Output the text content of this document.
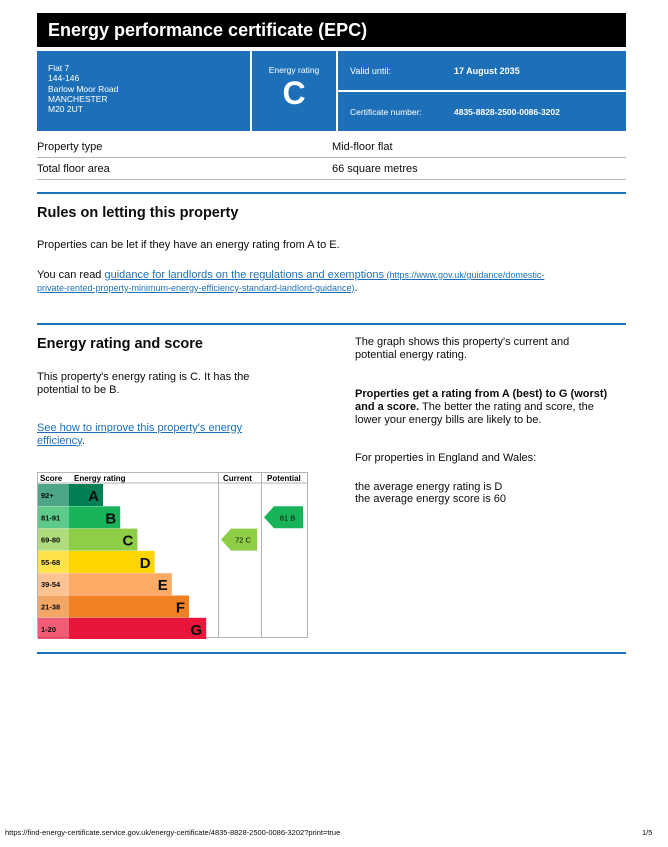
Energy performance certificate (EPC)
Flat 7
144-146
Barlow Moor Road
MANCHESTER
M20 2UT
Energy rating
C
Valid until:	17 August 2035
Certificate number:	4835-8828-2500-0086-3202
Property type	Mid-floor flat
Total floor area	66 square metres
Rules on letting this property
Properties can be let if they have an energy rating from A to E.
You can read guidance for landlords on the regulations and exemptions (https://www.gov.uk/guidance/domestic-
private-rented-property-minimum-energy-efficiency-standard-landlord-guidance).
Energy rating and score
This property's energy rating is C. It has the
potential to be B.
See how to improve this property's energy
efficiency.
The graph shows this property's current and
potential energy rating.
Properties get a rating from A (best) to G (worst)
and a score. The better the rating and score, the
lower your energy bills are likely to be.
For properties in England and Wales:
the average energy rating is D
the average energy score is 60
Score Energy rating	Current Potential
92+ A
81-91	B
69-80	C
55-68	D
39-54	E
21-38	F
1-20	G
72 C
81 B
https://find-energy-certificate.service.gov.uk/energy-certificate/4835-8828-2500-0086-3202?print=true	1/5
